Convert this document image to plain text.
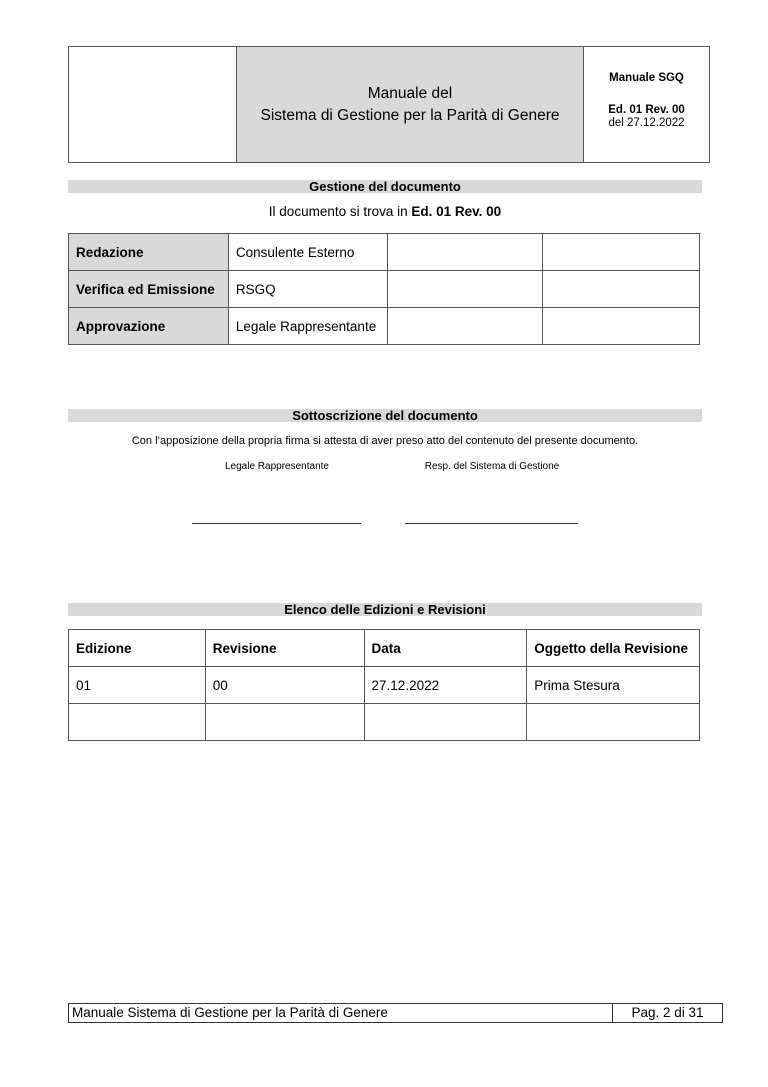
Manuale del
Sistema di Gestione per la Parità di Genere
Manuale SGQ
Ed. 01 Rev. 00
del 27.12.2022
Gestione del documento
Il documento si trova in Ed. 01 Rev. 00
Redazione	Consulente Esterno		
Verifica ed Emissione	RSGQ		
Approvazione	Legale Rappresentante		
Sottoscrizione del documento
Con l’apposizione della propria firma si attesta di aver preso atto del contenuto del presente documento.
Legale Rappresentante	Resp. del Sistema di Gestione
Elenco delle Edizioni e Revisioni
Edizione	Revisione	Data	Oggetto della Revisione
01	00	27.12.2022	Prima Stesura

Manuale Sistema di Gestione per la Parità di Genere	Pag. 2 di 31
